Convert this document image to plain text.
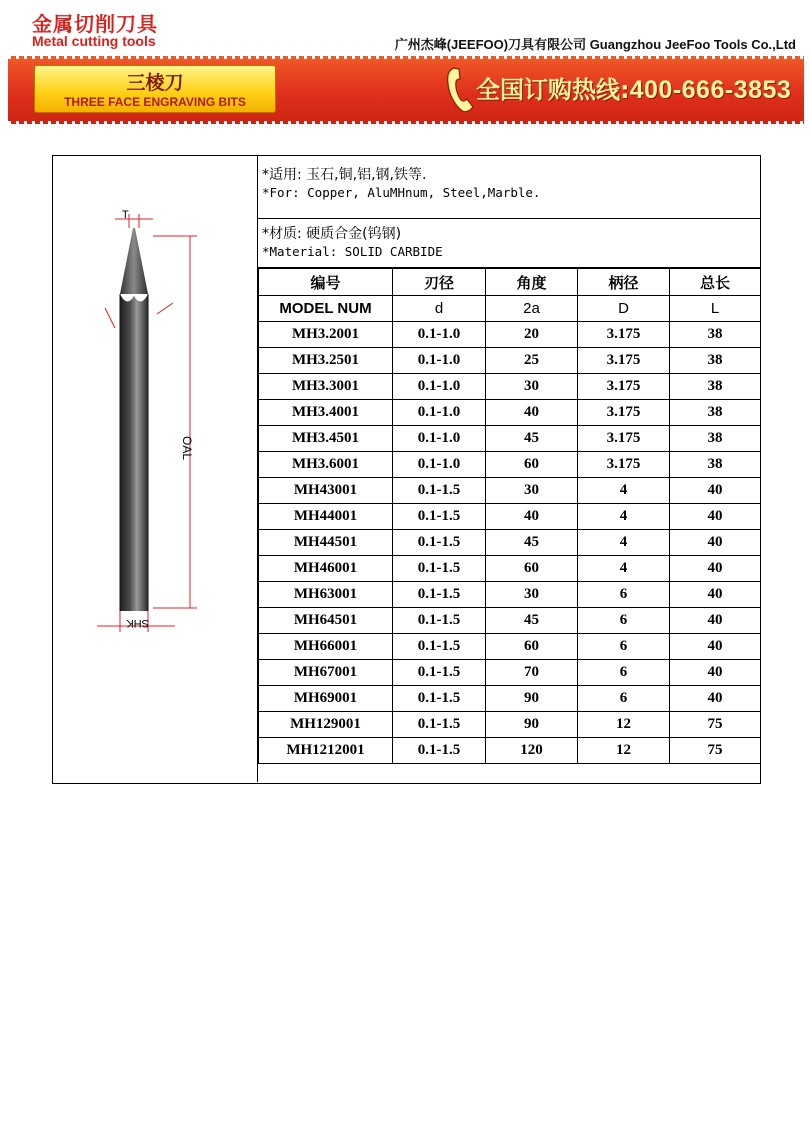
金属切削刀具
Metal cutting tools	广州杰峰(JEEFOO)刀具有限公司 Guangzhou JeeFoo Tools Co.,Ltd
三棱刀
THREE FACE ENGRAVING BITS	全国订购热线:400-666-3853
T
OAL
SHK
*适用: 玉石,铜,铝,钢,铁等.
*For: Copper, AluMHnum, Steel,Marble.
*材质: 硬质合金(钨钢)
*Material: SOLID CARBIDE
编号	刃径	角度	柄径	总长
MODEL NUM	d	2a	D	L
MH3.2001	0.1-1.0	20	3.175	38
MH3.2501	0.1-1.0	25	3.175	38
MH3.3001	0.1-1.0	30	3.175	38
MH3.4001	0.1-1.0	40	3.175	38
MH3.4501	0.1-1.0	45	3.175	38
MH3.6001	0.1-1.0	60	3.175	38
MH43001	0.1-1.5	30	4	40
MH44001	0.1-1.5	40	4	40
MH44501	0.1-1.5	45	4	40
MH46001	0.1-1.5	60	4	40
MH63001	0.1-1.5	30	6	40
MH64501	0.1-1.5	45	6	40
MH66001	0.1-1.5	60	6	40
MH67001	0.1-1.5	70	6	40
MH69001	0.1-1.5	90	6	40
MH129001	0.1-1.5	90	12	75
MH1212001	0.1-1.5	120	12	75
